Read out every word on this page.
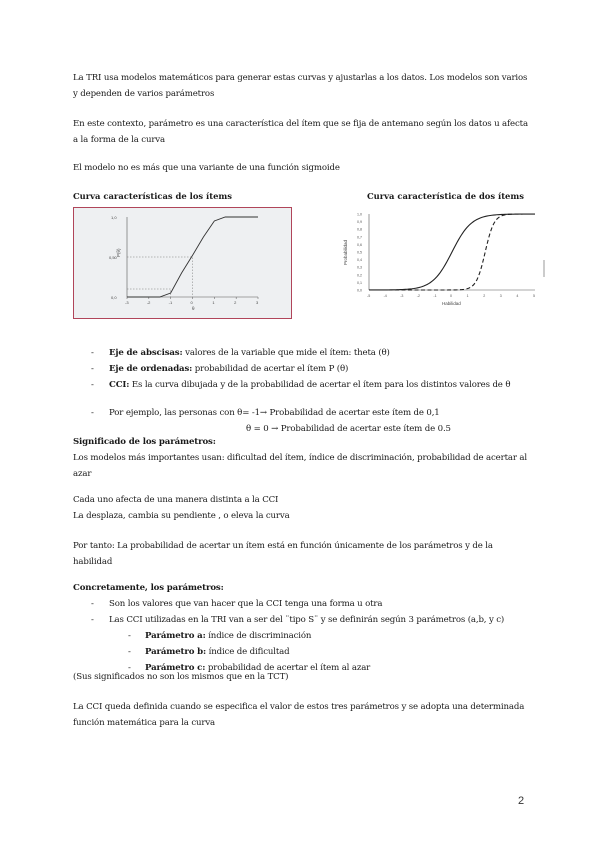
La TRI usa modelos matemáticos para generar estas curvas y ajustarlas a los datos. Los modelos son varios y dependen de varios parámetros
En este contexto, parámetro es una característica del ítem que se fija de antemano según los datos u afecta a la forma de la curva
El modelo no es más que una variante de una función sigmoide
Curva características de los ítems	Curva característica de dos ítems
P(θ)
1,0
0,50
0,0
-3	-2	-1	0	1	2	3
θ
1,0
0,9
0,8
0,7
0,6
0,5
0,4
0,3
0,2
0,1
0,0
-5	-4	-3	-2	-1	0	1	2	3	4	5
Probabilidad
Habilidad
- Eje de abscisas: valores de la variable que mide el ítem: theta (θ)
- Eje de ordenadas: probabilidad de acertar el ítem P (θ)
- CCI: Es la curva dibujada y de la probabilidad de acertar el ítem para los distintos valores de θ
- Por ejemplo, las personas con θ= -1→ Probabilidad de acertar este ítem de 0,1
θ = 0 → Probabilidad de acertar este ítem de 0.5
Significado de los parámetros:
Los modelos más importantes usan: dificultad del ítem, índice de discriminación, probabilidad de acertar al azar
Cada uno afecta de una manera distinta a la CCI
La desplaza, cambia su pendiente , o eleva la curva
Por tanto: La probabilidad de acertar un ítem está en función únicamente de los parámetros y de la habilidad
Concretamente, los parámetros:
- Son los valores que van hacer que la CCI tenga una forma u otra
- Las CCI utilizadas en la TRI van a ser del ¨tipo S¨ y se definirán según 3 parámetros (a,b, y c)
- Parámetro a: índice de discriminación
- Parámetro b: índice de dificultad
- Parámetro c: probabilidad de acertar el ítem al azar
(Sus significados no son los mismos que en la TCT)
La CCI queda definida cuando se especifica el valor de estos tres parámetros y se adopta una determinada función matemática para la curva
2
